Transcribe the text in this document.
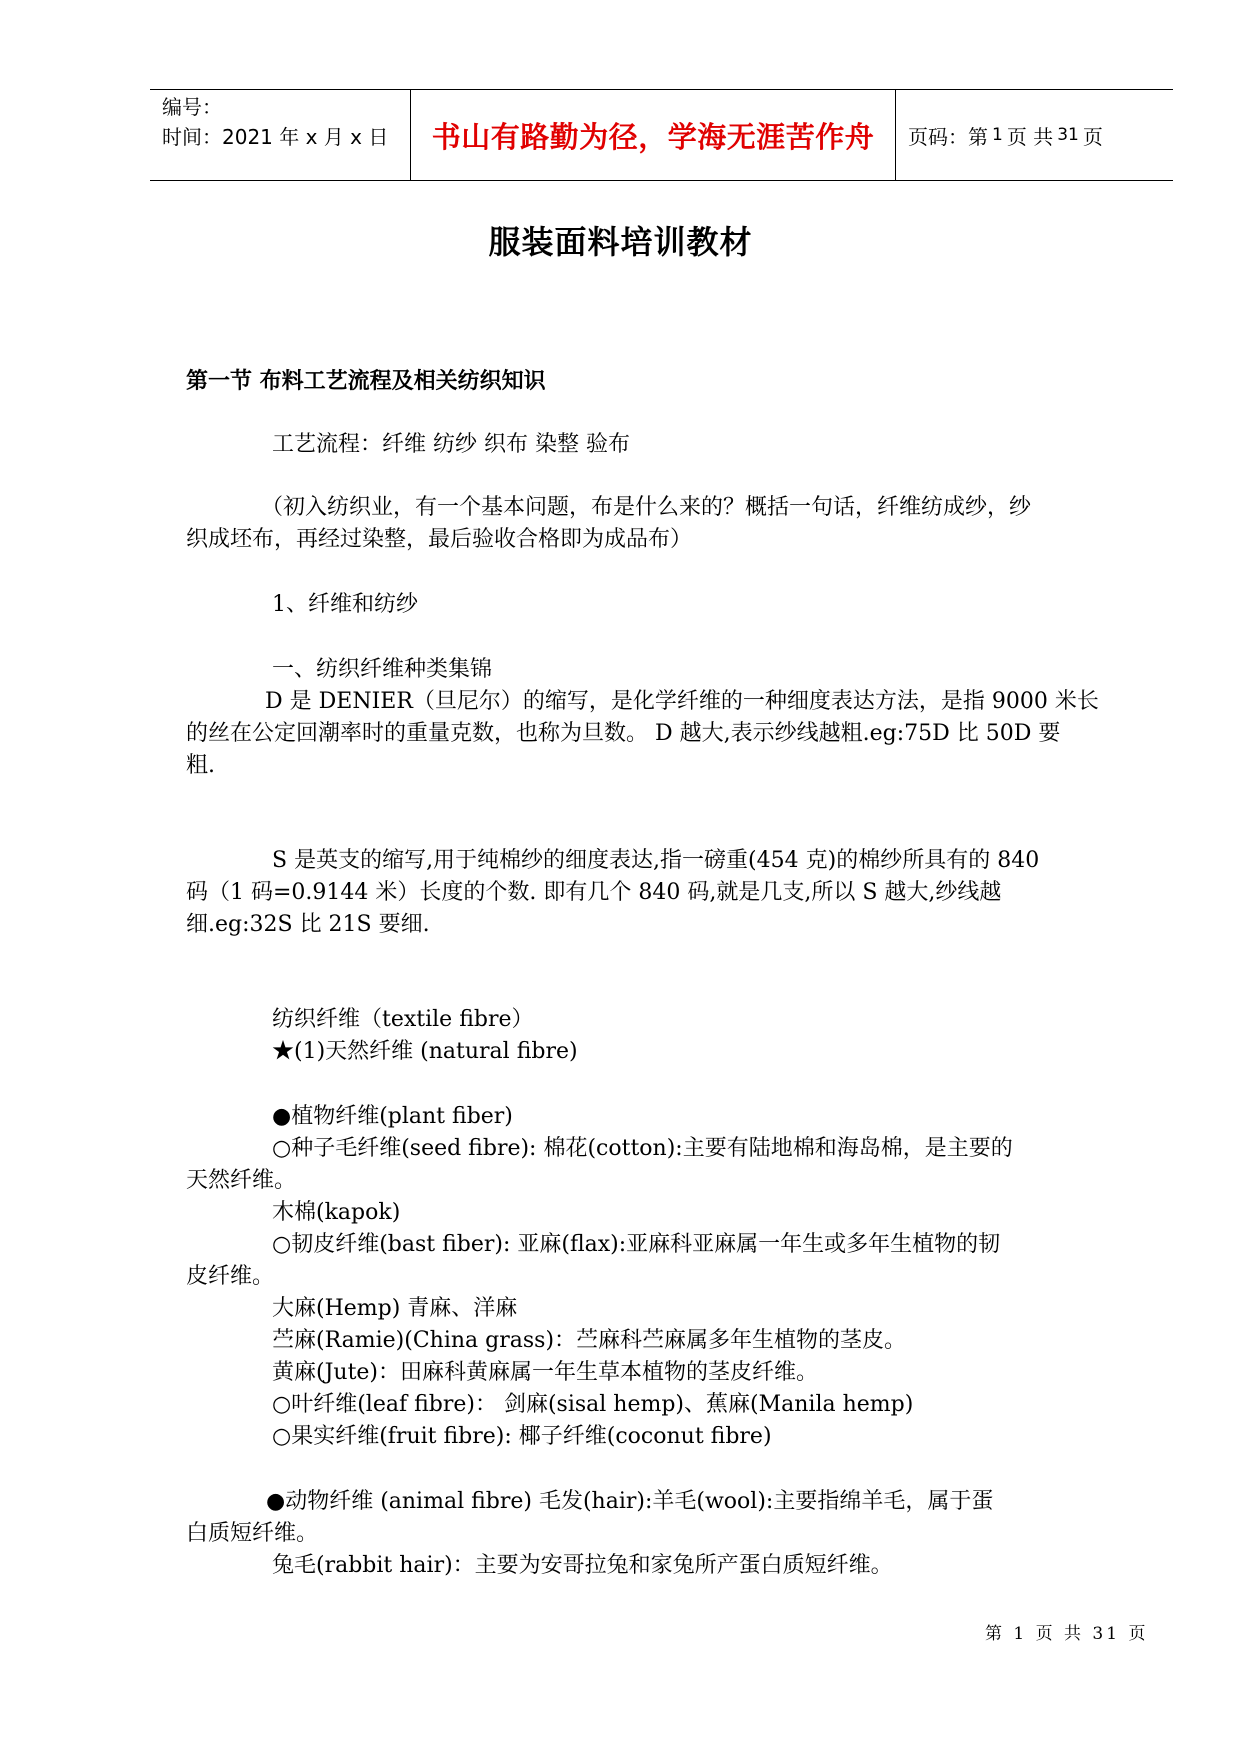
编号：
时间：2021 年 x 月 x 日	书山有路勤为径，学海无涯苦作舟	页码：第 1 页 共 31 页
服装面料培训教材
第一节 布料工艺流程及相关纺织知识
工艺流程：纤维 纺纱 织布 染整 验布
（初入纺织业，有一个基本问题，布是什么来的？概括一句话，纤维纺成纱，纱
织成坯布，再经过染整，最后验收合格即为成品布）
1、纤维和纺纱
一、纺织纤维种类集锦
D 是 DENIER（旦尼尔）的缩写，是化学纤维的一种细度表达方法，是指 9000 米长
的丝在公定回潮率时的重量克数，也称为旦数。 D 越大,表示纱线越粗.eg:75D 比 50D 要
粗.
S 是英支的缩写,用于纯棉纱的细度表达,指一磅重(454 克)的棉纱所具有的 840
码（1 码=0.9144 米）长度的个数. 即有几个 840 码,就是几支,所以 S 越大,纱线越
细.eg:32S 比 21S 要细.
纺织纤维（textile fibre）
★(1)天然纤维 (natural fibre)
●植物纤维(plant fiber)
○种子毛纤维(seed fibre): 棉花(cotton):主要有陆地棉和海岛棉，是主要的
天然纤维。
木棉(kapok)
○韧皮纤维(bast fiber): 亚麻(flax):亚麻科亚麻属一年生或多年生植物的韧
皮纤维。
大麻(Hemp) 青麻、洋麻
苎麻(Ramie)(China grass)：苎麻科苎麻属多年生植物的茎皮。
黄麻(Jute)：田麻科黄麻属一年生草本植物的茎皮纤维。
○叶纤维(leaf fibre)： 剑麻(sisal hemp)、蕉麻(Manila hemp)
○果实纤维(fruit fibre): 椰子纤维(coconut fibre)
●动物纤维 (animal fibre) 毛发(hair):羊毛(wool):主要指绵羊毛，属于蛋
白质短纤维。
兔毛(rabbit hair)：主要为安哥拉兔和家兔所产蛋白质短纤维。
第 1 页 共 31 页
